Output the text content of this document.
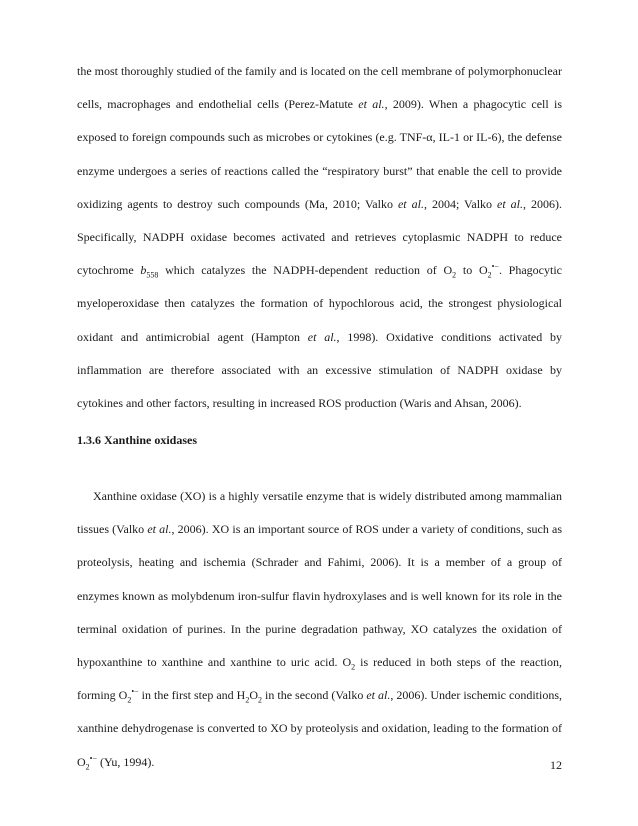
the most thoroughly studied of the family and is located on the cell membrane of polymorphonuclear cells, macrophages and endothelial cells (Perez-Matute et al., 2009). When a phagocytic cell is exposed to foreign compounds such as microbes or cytokines (e.g. TNF-α, IL-1 or IL-6), the defense enzyme undergoes a series of reactions called the “respiratory burst” that enable the cell to provide oxidizing agents to destroy such compounds (Ma, 2010; Valko et al., 2004; Valko et al., 2006). Specifically, NADPH oxidase becomes activated and retrieves cytoplasmic NADPH to reduce cytochrome $b_{558}$ which catalyzes the NADPH-dependent reduction of $O_2$ to $O_2^{•-}$. Phagocytic myeloperoxidase then catalyzes the formation of hypochlorous acid, the strongest physiological oxidant and antimicrobial agent (Hampton et al., 1998). Oxidative conditions activated by inflammation are therefore associated with an excessive stimulation of NADPH oxidase by cytokines and other factors, resulting in increased ROS production (Waris and Ahsan, 2006).

1.3.6 Xanthine oxidases

Xanthine oxidase (XO) is a highly versatile enzyme that is widely distributed among mammalian tissues (Valko et al., 2006). XO is an important source of ROS under a variety of conditions, such as proteolysis, heating and ischemia (Schrader and Fahimi, 2006). It is a member of a group of enzymes known as molybdenum iron-sulfur flavin hydroxylases and is well known for its role in the terminal oxidation of purines. In the purine degradation pathway, XO catalyzes the oxidation of hypoxanthine to xanthine and xanthine to uric acid. $O_2$ is reduced in both steps of the reaction, forming $O_2^{•-}$ in the first step and $H_2O_2$ in the second (Valko et al., 2006). Under ischemic conditions, xanthine dehydrogenase is converted to XO by proteolysis and oxidation, leading to the formation of $O_2^{•-}$ (Yu, 1994).	12
